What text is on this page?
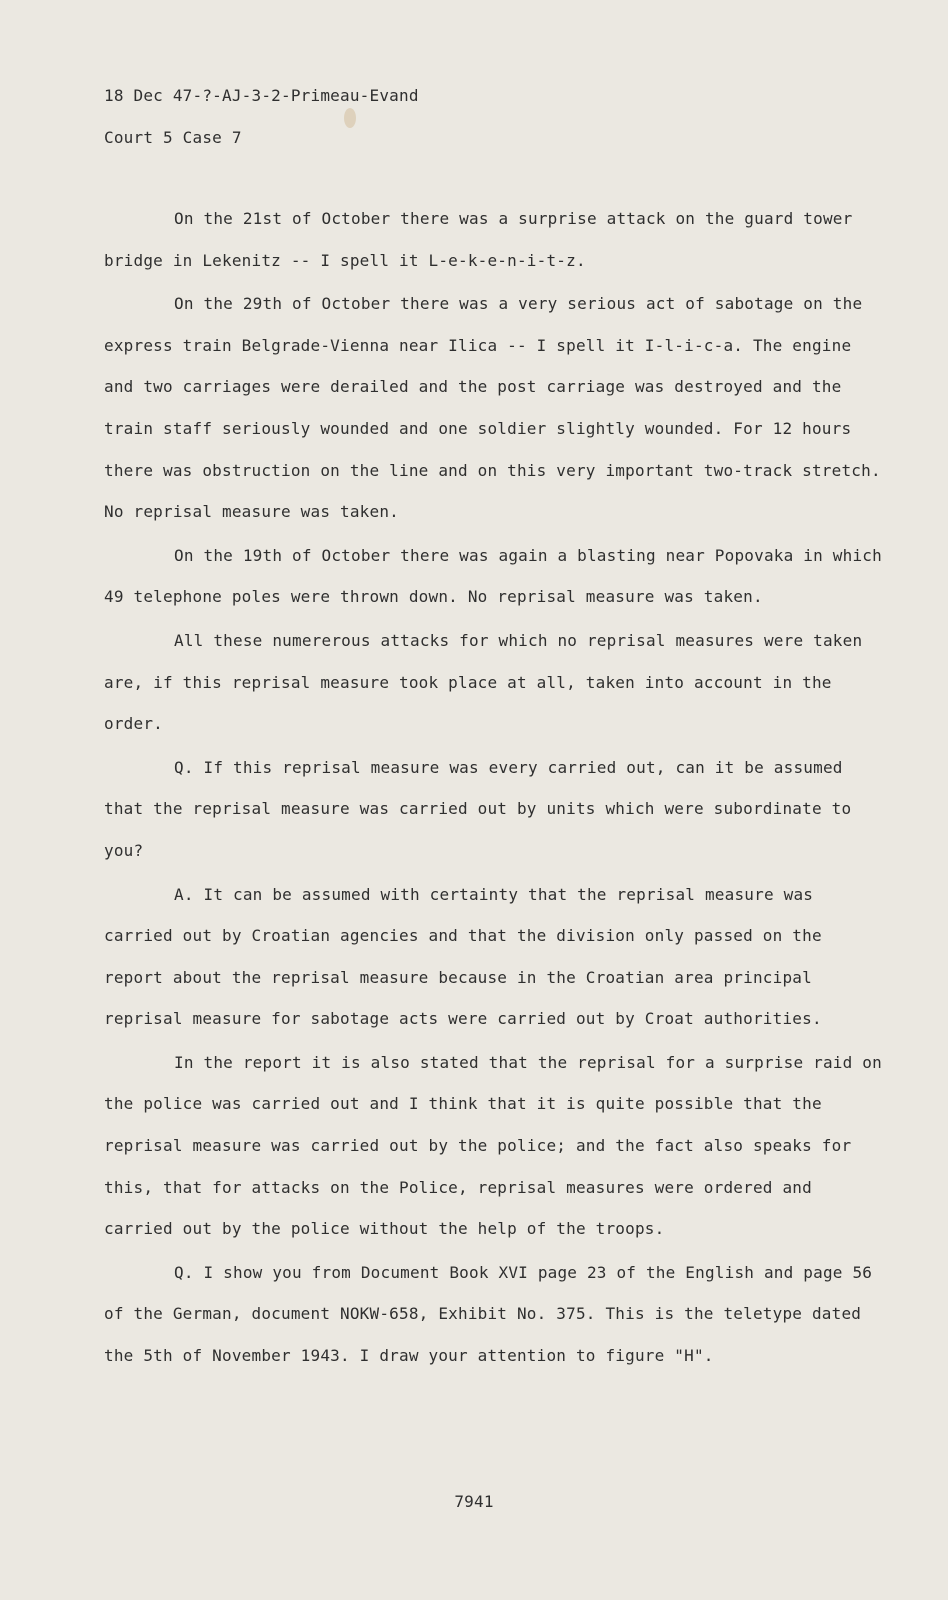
18 Dec 47-?-AJ-3-2-Primeau-Evand
Court 5 Case 7

On the 21st of October there was a surprise attack on the guard tower bridge in Lekenitz -- I spell it L-e-k-e-n-i-t-z.

On the 29th of October there was a very serious act of sabotage on the express train Belgrade-Vienna near Ilica -- I spell it I-l-i-c-a. The engine and two carriages were derailed and the post carriage was destroyed and the train staff seriously wounded and one soldier slightly wounded. For 12 hours there was obstruction on the line and on this very important two-track stretch. No reprisal measure was taken.

On the 19th of October there was again a blasting near Popovaka in which 49 telephone poles were thrown down. No reprisal measure was taken.

All these numererous attacks for which no reprisal measures were taken are, if this reprisal measure took place at all, taken into account in the order.

Q. If this reprisal measure was every carried out, can it be assumed that the reprisal measure was carried out by units which were subordinate to you?

A. It can be assumed with certainty that the reprisal measure was carried out by Croatian agencies and that the division only passed on the report about the reprisal measure because in the Croatian area principal reprisal measure for sabotage acts were carried out by Croat authorities.

In the report it is also stated that the reprisal for a surprise raid on the police was carried out and I think that it is quite possible that the reprisal measure was carried out by the police; and the fact also speaks for this, that for attacks on the Police, reprisal measures were ordered and carried out by the police without the help of the troops.

Q. I show you from Document Book XVI page 23 of the English and page 56 of the German, document NOKW-658, Exhibit No. 375. This is the teletype dated the 5th of November 1943. I draw your attention to figure "H".

7941
